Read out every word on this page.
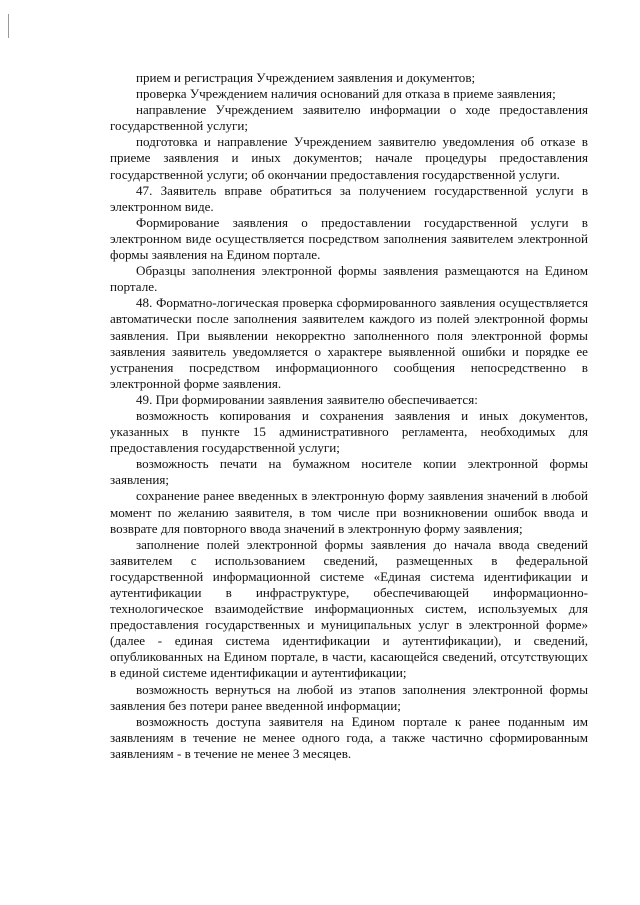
прием и регистрация Учреждением заявления и документов;

проверка Учреждением наличия оснований для отказа в приеме заявления;

направление Учреждением заявителю информации о ходе предоставления государственной услуги;

подготовка и направление Учреждением заявителю уведомления об отказе в приеме заявления и иных документов; начале процедуры предоставления государственной услуги; об окончании предоставления государственной услуги.

47. Заявитель вправе обратиться за получением государственной услуги в электронном виде.

Формирование заявления о предоставлении государственной услуги в электронном виде осуществляется посредством заполнения заявителем электронной формы заявления на Едином портале.

Образцы заполнения электронной формы заявления размещаются на Едином портале.

48. Форматно-логическая проверка сформированного заявления осуществляется автоматически после заполнения заявителем каждого из полей электронной формы заявления. При выявлении некорректно заполненного поля электронной формы заявления заявитель уведомляется о характере выявленной ошибки и порядке ее устранения посредством информационного сообщения непосредственно в электронной форме заявления.

49. При формировании заявления заявителю обеспечивается:

возможность копирования и сохранения заявления и иных документов, указанных в пункте 15 административного регламента, необходимых для предоставления государственной услуги;

возможность печати на бумажном носителе копии электронной формы заявления;

сохранение ранее введенных в электронную форму заявления значений в любой момент по желанию заявителя, в том числе при возникновении ошибок ввода и возврате для повторного ввода значений в электронную форму заявления;

заполнение полей электронной формы заявления до начала ввода сведений заявителем с использованием сведений, размещенных в федеральной государственной информационной системе «Единая система идентификации и аутентификации в инфраструктуре, обеспечивающей информационно-технологическое взаимодействие информационных систем, используемых для предоставления государственных и муниципальных услуг в электронной форме» (далее - единая система идентификации и аутентификации), и сведений, опубликованных на Едином портале, в части, касающейся сведений, отсутствующих в единой системе идентификации и аутентификации;

возможность вернуться на любой из этапов заполнения электронной формы заявления без потери ранее введенной информации;

возможность доступа заявителя на Едином портале к ранее поданным им заявлениям в течение не менее одного года, а также частично сформированным заявлениям - в течение не менее 3 месяцев.
